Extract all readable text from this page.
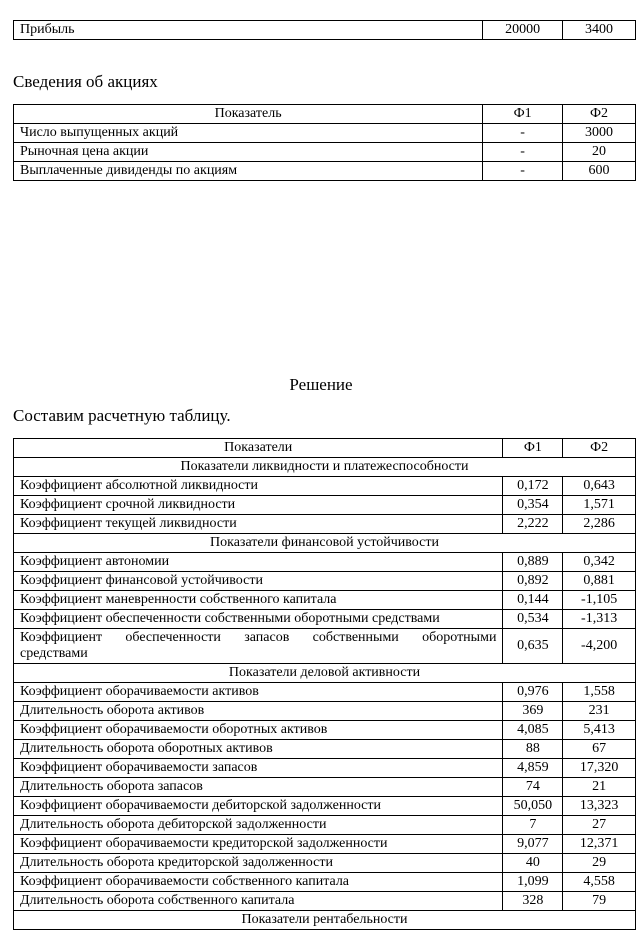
Прибыль	20000	3400
Сведения об акциях
Показатель	Ф1	Ф2
Число выпущенных акций	-	3000
Рыночная цена акции	-	20
Выплаченные дивиденды по акциям	-	600
Решение
Составим расчетную таблицу.
Показатели	Ф1	Ф2
Показатели ликвидности и платежеспособности		
Коэффициент абсолютной ликвидности	0,172	0,643
Коэффициент срочной ликвидности	0,354	1,571
Коэффициент текущей ликвидности	2,222	2,286
Показатели финансовой устойчивости		
Коэффициент автономии	0,889	0,342
Коэффициент финансовой устойчивости	0,892	0,881
Коэффициент маневренности собственного капитала	0,144	-1,105
Коэффициент обеспеченности собственными оборотными средствами	0,534	-1,313

Коэффициент обеспеченности запасов собственными оборотными
средствами	0,635	-4,200
Показатели деловой активности		
Коэффициент оборачиваемости активов	0,976	1,558
Длительность оборота активов	369	231
Коэффициент оборачиваемости оборотных активов	4,085	5,413
Длительность оборота оборотных активов	88	67
Коэффициент оборачиваемости запасов	4,859	17,320
Длительность оборота запасов	74	21
Коэффициент оборачиваемости дебиторской задолженности	50,050	13,323
Длительность оборота дебиторской задолженности	7	27
Коэффициент оборачиваемости кредиторской задолженности	9,077	12,371
Длительность оборота кредиторской задолженности	40	29
Коэффициент оборачиваемости собственного капитала	1,099	4,558
Длительность оборота собственного капитала	328	79
Показатели рентабельности		
